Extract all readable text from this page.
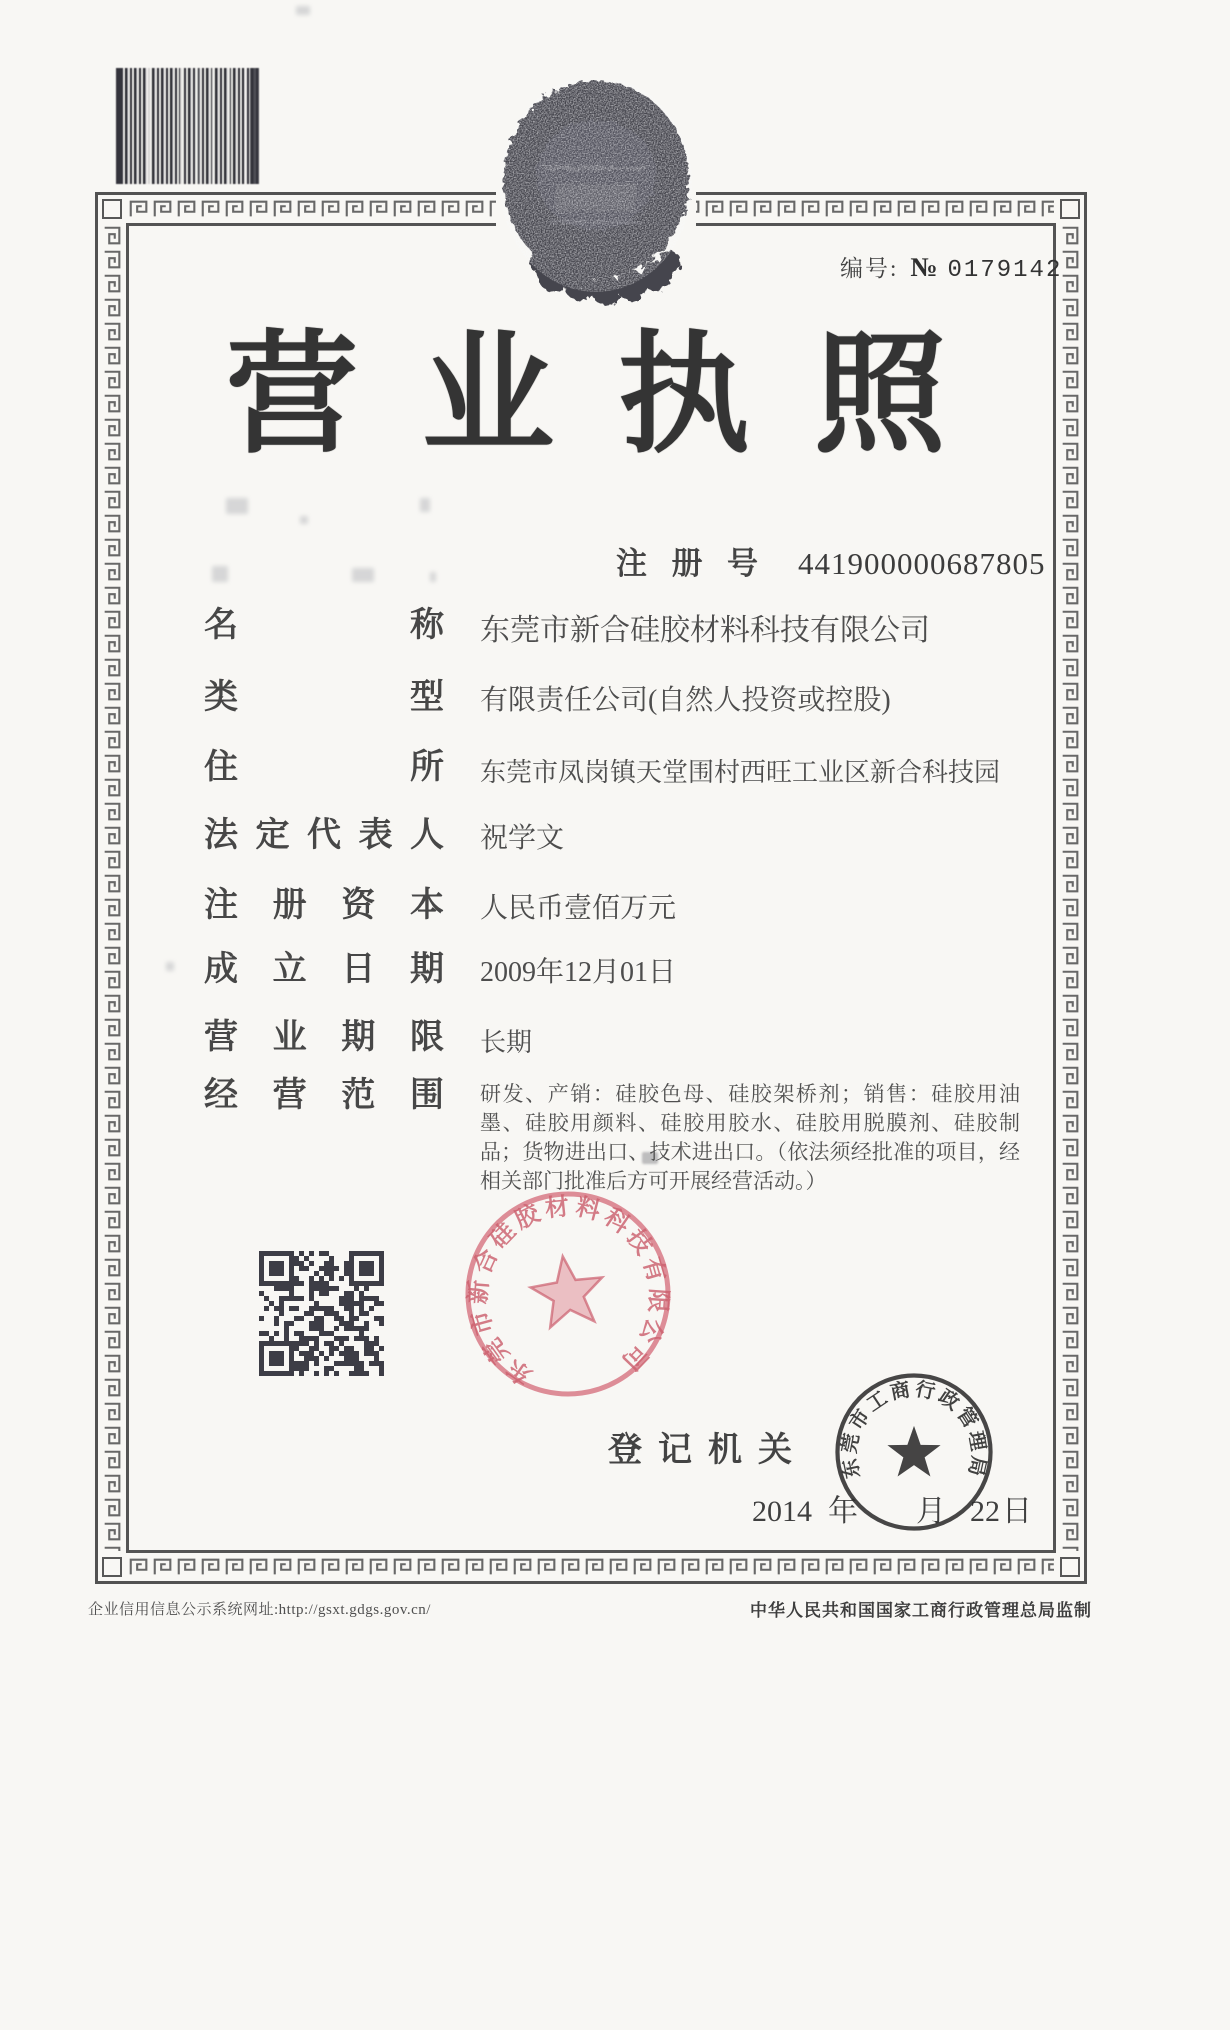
编号: № 0179142
营业执照
注册号 441900000687805
名称 东莞市新合硅胶材料科技有限公司
类型 有限责任公司(自然人投资或控股)
住所 东莞市凤岗镇天堂围村西旺工业区新合科技园
法定代表人 祝学文
注册资本 人民币壹佰万元
成立日期 2009年12月01日
营业期限 长期
经营范围 研发、产销：硅胶色母、硅胶架桥剂；销售：硅胶用油墨、硅胶用颜料、硅胶用胶水、硅胶用脱膜剂、硅胶制品；货物进出口、技术进出口。（依法须经批准的项目，经相关部门批准后方可开展经营活动。）
东莞市新合硅胶材料科技有限公司
登记机关
2014 年 月 22日
东莞市工商行政管理局
企业信用信息公示系统网址:http://gsxt.gdgs.gov.cn/	中华人民共和国国家工商行政管理总局监制
